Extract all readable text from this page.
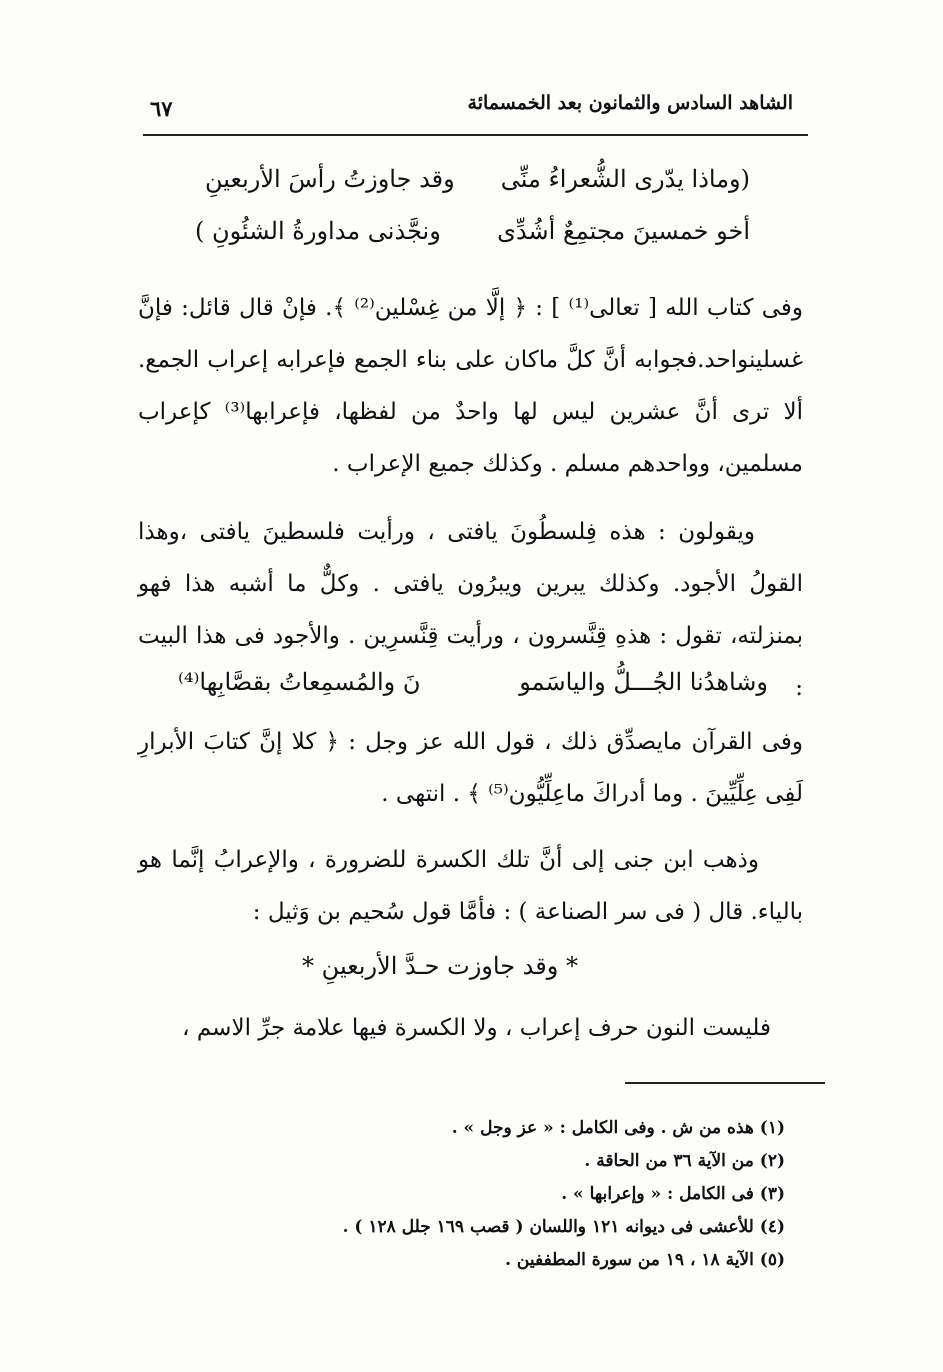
الشاهد السادس والثمانون بعد الخمسمائة
٦٧
(وماذا يدّرى الشُّعراءُ منِّى
وقد جاوزتُ رأسَ الأربعينِ
أخو خمسينَ مجتمِعٌ أشُدِّى
ونجَّذنى مداورةُ الشئُونِ )

وفى كتاب الله [ تعالى⁽¹⁾ ] : ﴿ إلَّا من غِسْلين⁽²⁾ ﴾. فإنْ قال قائل: فإنَّ غسلينواحد.فجوابه أنَّ كلَّ ماكان على بناء الجمع فإعرابه إعراب الجمع. ألا ترى أنَّ عشرين ليس لها واحدٌ من لفظها، فإعرابها⁽³⁾ كإعراب مسلمين، وواحدهم مسلم . وكذلك جميع الإعراب .

ويقولون : هذه فِلسطُونَ يافتى ، ورأيت فلسطينَ يافتى ،وهذا القولُ الأجود. وكذلك يبرين ويبرُون يافتى . وكلٌّ ما أشبه هذا فهو بمنزلته، تقول : هذهِ قِنَّسرون ، ورأيت قِنَّسرِين . والأجود فى هذا البيت :

وشاهدُنا الجُـــلُّ والياسَمو
نَ والمُسمِعاتُ بقصَّابِها⁽⁴⁾

وفى القرآن مايصدِّق ذلك ، قول الله عز وجل : ﴿ كلا إنَّ كتابَ الأبرارِ لَفِى عِلِّيِّينَ . وما أدراكَ ماعِلِّيُّون⁽⁵⁾ ﴾ . انتهى .

وذهب ابن جنى إلى أنَّ تلك الكسرة للضرورة ، والإعرابُ إنَّما هو بالياء. قال ( فى سر الصناعة ) : فأمَّا قول سُحيم بن وَثيل :

* وقد جاوزت حـدَّ الأربعينِ *

فليست النون حرف إعراب ، ولا الكسرة فيها علامة جرِّ الاسم ،

(١) هذه من ش . وفى الكامل : « عز وجل » .
(٢) من الآية ٣٦ من الحاقة .
(٣) فى الكامل : « وإعرابها » .
(٤) للأعشى فى ديوانه ١٢١ واللسان ( قصب ١٦٩ جلل ١٢٨ ) .
(٥) الآية ١٨ ، ١٩ من سورة المطففين .
